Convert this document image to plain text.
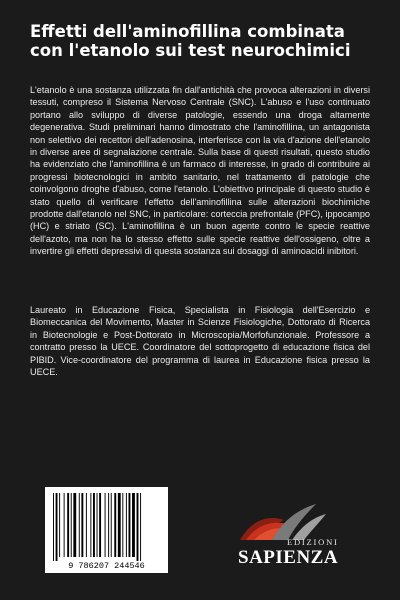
Effetti dell'aminofillina combinata con l'etanolo sui test neurochimici

L'etanolo è una sostanza utilizzata fin dall'antichità che provoca alterazioni in diversi tessuti, compreso il Sistema Nervoso Centrale (SNC). L'abuso e l'uso continuato portano allo sviluppo di diverse patologie, essendo una droga altamente degenerativa. Studi preliminari hanno dimostrato che l'aminofillina, un antagonista non selettivo dei recettori dell'adenosina, interferisce con la via d'azione dell'etanolo in diverse aree di segnalazione centrale. Sulla base di questi risultati, questo studio ha evidenziato che l'aminofillina è un farmaco di interesse, in grado di contribuire ai progressi biotecnologici in ambito sanitario, nel trattamento di patologie che coinvolgono droghe d'abuso, come l'etanolo. L'obiettivo principale di questo studio è stato quello di verificare l'effetto dell'aminofillina sulle alterazioni biochimiche prodotte dall'etanolo nel SNC, in particolare: corteccia prefrontale (PFC), ippocampo (HC) e striato (SC). L'aminofillina è un buon agente contro le specie reattive dell'azoto, ma non ha lo stesso effetto sulle specie reattive dell'ossigeno, oltre a invertire gli effetti depressivi di questa sostanza sui dosaggi di aminoacidi inibitori.

Laureato in Educazione Fisica, Specialista in Fisiologia dell'Esercizio e Biomeccanica del Movimento, Master in Scienze Fisiologiche, Dottorato di Ricerca in Biotecnologie e Post-Dottorato in Microscopia/Morfofunzionale. Professore a contratto presso la UECE. Coordinatore del sottoprogetto di educazione fisica del PIBID. Vice-coordinatore del programma di laurea in Educazione fisica presso la UECE.

9 786207 244546
EDIZIONI
SAPIENZA
